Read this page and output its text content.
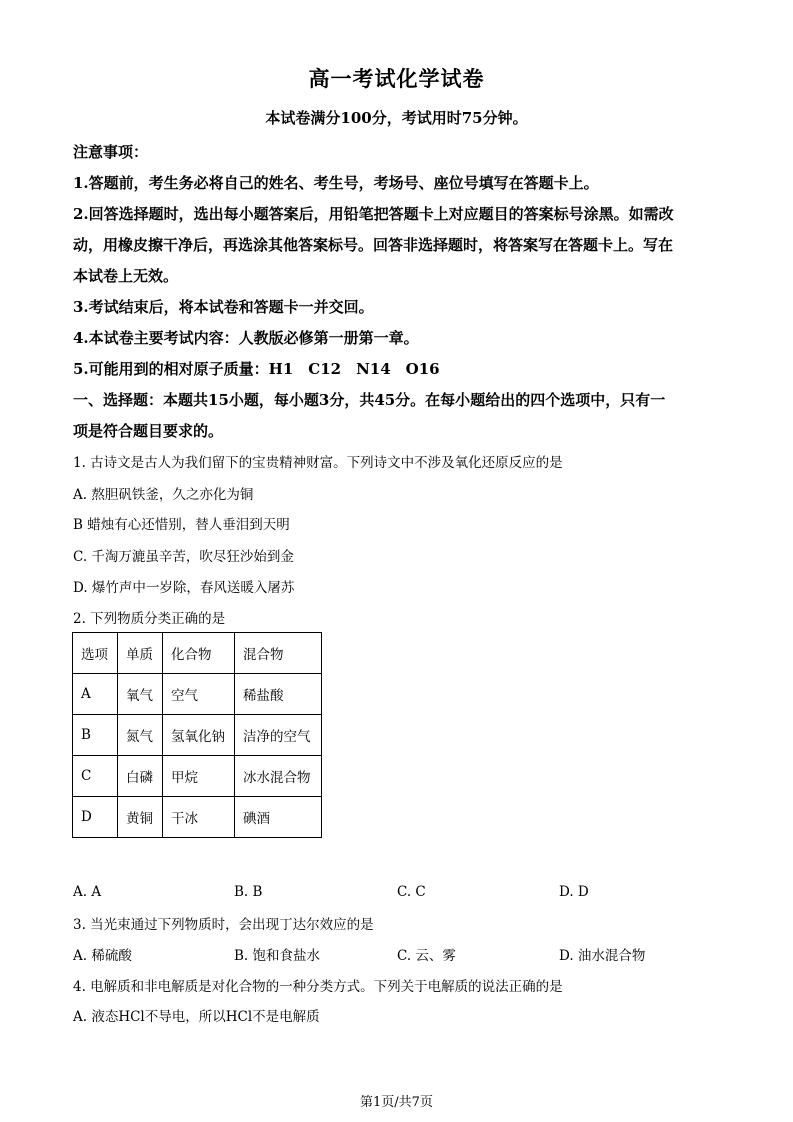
高一考试化学试卷
本试卷满分100分，考试用时75分钟。
注意事项：
1.答题前，考生务必将自己的姓名、考生号，考场号、座位号填写在答题卡上。
2.回答选择题时，选出每小题答案后，用铅笔把答题卡上对应题目的答案标号涂黑。如需改
动，用橡皮擦干净后，再选涂其他答案标号。回答非选择题时，将答案写在答题卡上。写在
本试卷上无效。
3.考试结束后，将本试卷和答题卡一并交回。
4.本试卷主要考试内容：人教版必修第一册第一章。
5.可能用到的相对原子质量：H1　C12　N14　O16
一、选择题：本题共15小题，每小题3分，共45分。在每小题给出的四个选项中，只有一
项是符合题目要求的。
1. 古诗文是古人为我们留下的宝贵精神财富。下列诗文中不涉及氧化还原反应的是
A. 熬胆矾铁釜，久之亦化为铜
B 蜡烛有心还惜别，替人垂泪到天明
C. 千淘万漉虽辛苦，吹尽狂沙始到金
D. 爆竹声中一岁除，春风送暖入屠苏
2. 下列物质分类正确的是
选项	单质	化合物	混合物
A	氧气	空气	稀盐酸
B	氮气	氢氧化钠	洁净的空气
C	白磷	甲烷	冰水混合物
D	黄铜	干冰	碘酒
A. A	B. B	C. C	D. D
3. 当光束通过下列物质时，会出现丁达尔效应的是
A. 稀硫酸	B. 饱和食盐水	C. 云、雾	D. 油水混合物
4. 电解质和非电解质是对化合物的一种分类方式。下列关于电解质的说法正确的是
A. 液态HCl不导电，所以HCl不是电解质
第1页/共7页
